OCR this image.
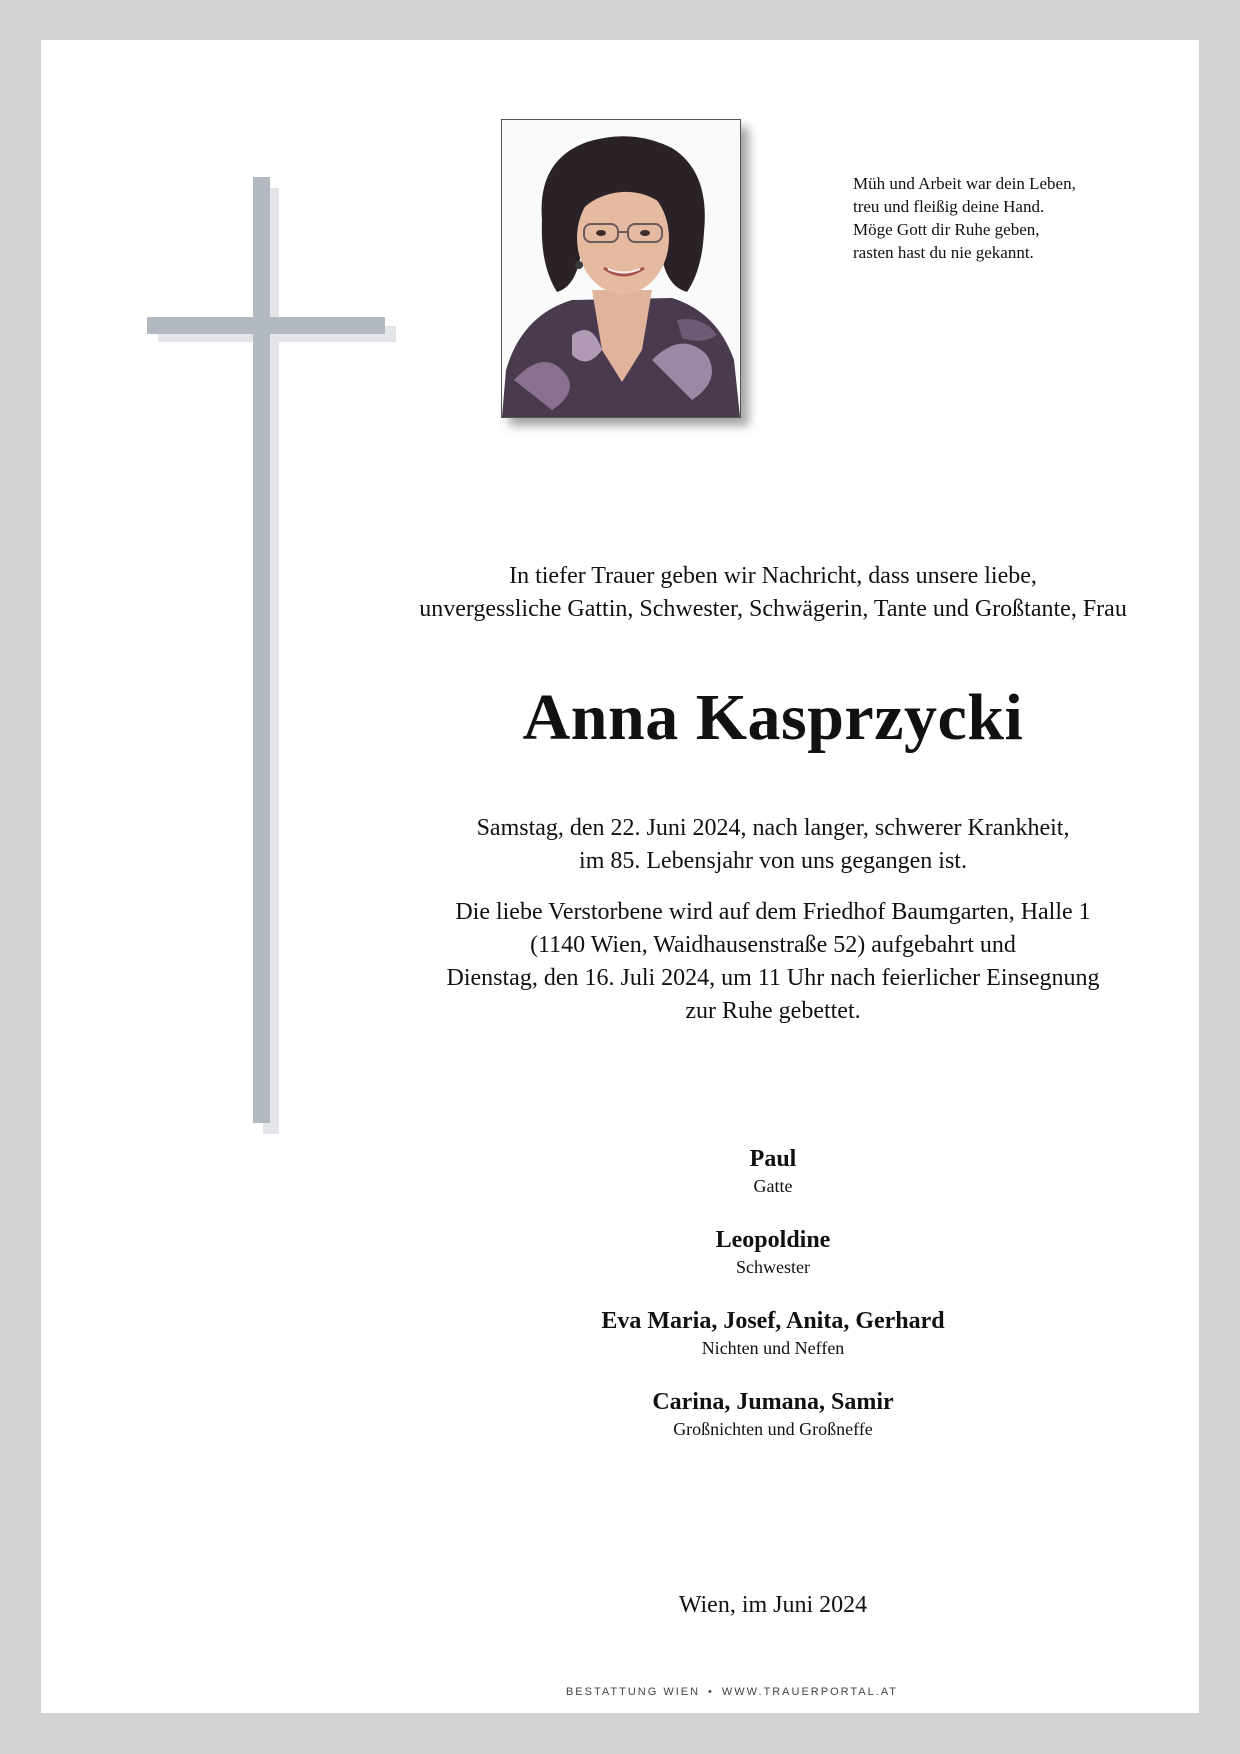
Müh und Arbeit war dein Leben,
treu und fleißig deine Hand.
Möge Gott dir Ruhe geben,
rasten hast du nie gekannt.
In tiefer Trauer geben wir Nachricht, dass unsere liebe,
unvergessliche Gattin, Schwester, Schwägerin, Tante und Großtante, Frau
Anna Kasprzycki
Samstag, den 22. Juni 2024, nach langer, schwerer Krankheit,
im 85. Lebensjahr von uns gegangen ist.
Die liebe Verstorbene wird auf dem Friedhof Baumgarten, Halle 1
(1140 Wien, Waidhausenstraße 52) aufgebahrt und
Dienstag, den 16. Juli 2024, um 11 Uhr nach feierlicher Einsegnung
zur Ruhe gebettet.
Paul
Gatte
Leopoldine
Schwester
Eva Maria, Josef, Anita, Gerhard
Nichten und Neffen
Carina, Jumana, Samir
Großnichten und Großneffe
Wien, im Juni 2024
BESTATTUNG WIEN • WWW.TRAUERPORTAL.AT
